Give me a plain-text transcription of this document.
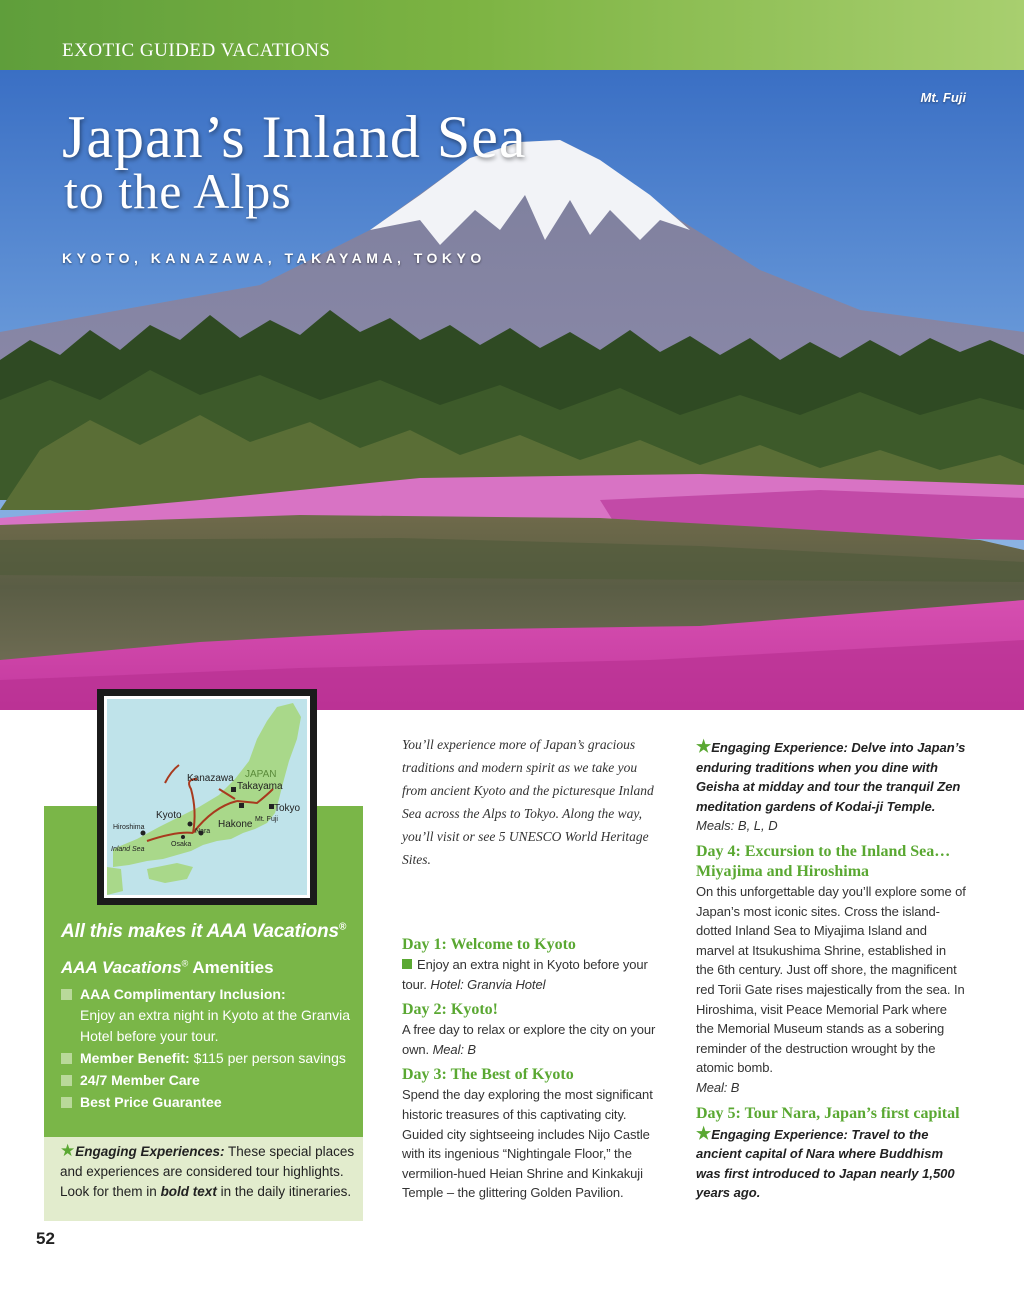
EXOTIC GUIDED VACATIONS
Mt. Fuji
Japan’s Inland Sea
to the Alps
KYOTO, KANAZAWA, TAKAYAMA, TOKYO
JAPAN
Kanazawa
Takayama
Tokyo
Kyoto
Hakone Mt. Fuji
Nara
Osaka
Hiroshima
Inland Sea
All this makes it AAA Vacations®
AAA Vacations® Amenities
AAA Complimentary Inclusion:
Enjoy an extra night in Kyoto at the Granvia Hotel before your tour.
Member Benefit: $115 per person savings
24/7 Member Care
Best Price Guarantee
★Engaging Experiences: These special places and experiences are considered tour highlights. Look for them in bold text in the daily itineraries.
52
You’ll experience more of Japan’s gracious traditions and modern spirit as we take you from ancient Kyoto and the picturesque Inland Sea across the Alps to Tokyo. Along the way, you’ll visit or see 5 UNESCO World Heritage Sites.
Day 1: Welcome to Kyoto
Enjoy an extra night in Kyoto before your tour. Hotel: Granvia Hotel
Day 2: Kyoto!
A free day to relax or explore the city on your own. Meal: B
Day 3: The Best of Kyoto
Spend the day exploring the most significant historic treasures of this captivating city. Guided city sightseeing includes Nijo Castle with its ingenious “Nightingale Floor,” the vermilion-hued Heian Shrine and Kinkakuji Temple – the glittering Golden Pavilion.
★Engaging Experience: Delve into Japan’s enduring traditions when you dine with Geisha at midday and tour the tranquil Zen meditation gardens of Kodai-ji Temple. Meals: B, L, D
Day 4: Excursion to the Inland Sea… Miyajima and Hiroshima
On this unforgettable day you’ll explore some of Japan’s most iconic sites. Cross the island-dotted Inland Sea to Miyajima Island and marvel at Itsukushima Shrine, established in the 6th century. Just off shore, the magnificent red Torii Gate rises majestically from the sea. In Hiroshima, visit Peace Memorial Park where the Memorial Museum stands as a sobering reminder of the destruction wrought by the atomic bomb.
Meal: B
Day 5: Tour Nara, Japan’s first capital
★Engaging Experience: Travel to the ancient capital of Nara where Buddhism was first introduced to Japan nearly 1,500 years ago.
